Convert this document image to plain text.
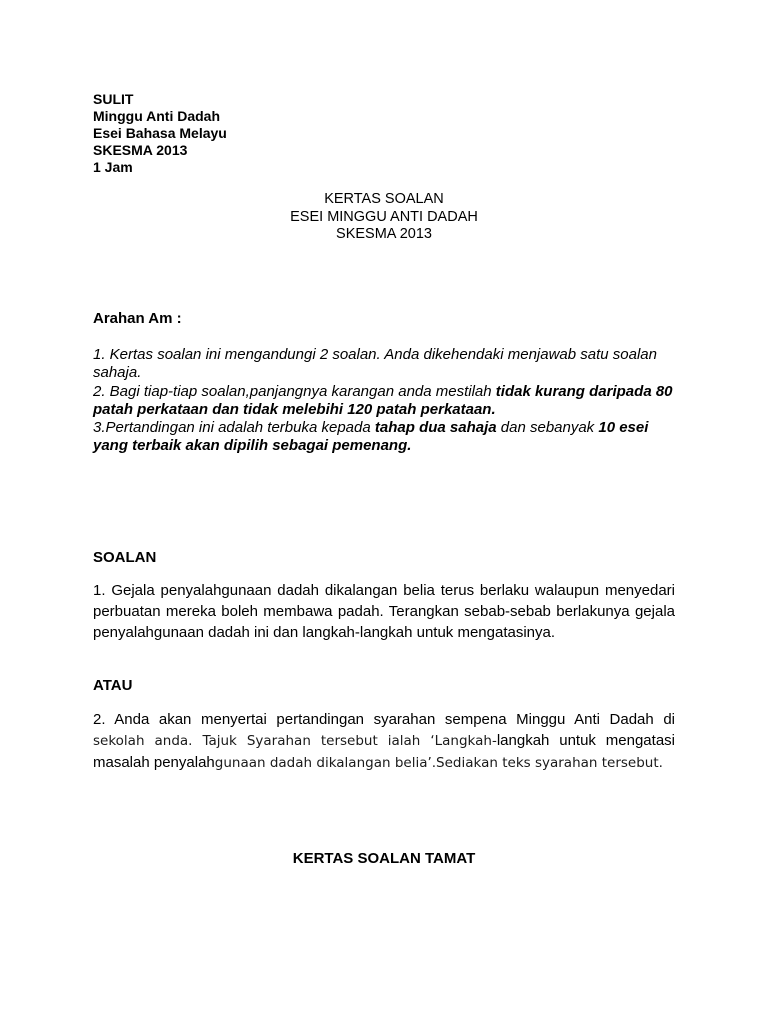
SULIT
Minggu Anti Dadah
Esei Bahasa Melayu
SKESMA 2013
1 Jam
KERTAS SOALAN
ESEI MINGGU ANTI DADAH
SKESMA 2013
Arahan Am :

1. Kertas soalan ini mengandungi 2 soalan. Anda dikehendaki menjawab satu soalan sahaja.

2. Bagi tiap-tiap soalan,panjangnya karangan anda mestilah tidak kurang daripada 80 patah perkataan dan tidak melebihi 120 patah perkataan.

3.Pertandingan ini adalah terbuka kepada tahap dua sahaja dan sebanyak 10 esei yang terbaik akan dipilih sebagai pemenang.

SOALAN
1. Gejala penyalahgunaan dadah dikalangan belia terus berlaku walaupun menyedari perbuatan mereka boleh membawa padah. Terangkan sebab-sebab berlakunya gejala penyalahgunaan dadah ini dan langkah-langkah untuk mengatasinya.
ATAU
2. Anda akan menyertai pertandingan syarahan sempena Minggu Anti Dadah di sekolah anda. Tajuk Syarahan tersebut ialah ‘Langkah-langkah untuk mengatasi masalah penyalahgunaan dadah dikalangan belia’.Sediakan teks syarahan tersebut.
KERTAS SOALAN TAMAT
